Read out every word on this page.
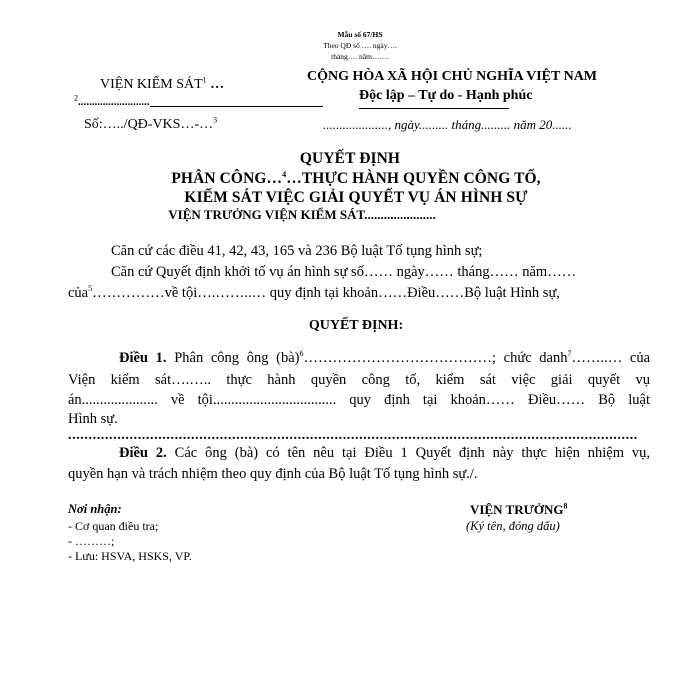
Mẫu số 67/HS
Theo QĐ số …. ngày….
tháng…. năm…….
VIỆN KIỂM SÁT$^1$ …
$^2$..........................
Số:…../QĐ-VKS…-…$^3$
CỘNG HÒA XÃ HỘI CHỦ NGHĨA VIỆT NAM
Độc lập – Tự do - Hạnh phúc
...................., ngày......... tháng......... năm 20......
QUYẾT ĐỊNH
PHÂN CÔNG…$^4$…THỰC HÀNH QUYỀN CÔNG TỐ,
KIỂM SÁT VIỆC GIẢI QUYẾT VỤ ÁN HÌNH SỰ
VIỆN TRƯỞNG VIỆN KIỂM SÁT......................
Căn cứ các điều 41, 42, 43, 165 và 236 Bộ luật Tố tụng hình sự;
Căn cứ Quyết định khởi tố vụ án hình sự số…… ngày…… tháng…… năm……
của$^5$……………về tội….……..… quy định tại khoản……Điều……Bộ luật Hình sự,
QUYẾT ĐỊNH:
Điều 1. Phân công ông (bà)$^6$…………………………………; chức danh$^7$……..… của
Viện kiểm sát….….. thực hành quyền công tố, kiểm sát việc giải quyết vụ
án..................... về tội.................................. quy định tại khoản…… Điều…… Bộ luật
Hình sự.
...........................................................................................................................................
Điều 2. Các ông (bà) có tên nêu tại Điều 1 Quyết định này thực hiện nhiệm vụ,
quyền hạn và trách nhiệm theo quy định của Bộ luật Tố tụng hình sự./.
Nơi nhận:
- Cơ quan điều tra;
- ………;
- Lưu: HSVA, HSKS, VP.
VIỆN TRƯỞNG$^8$
(Ký tên, đóng dấu)
